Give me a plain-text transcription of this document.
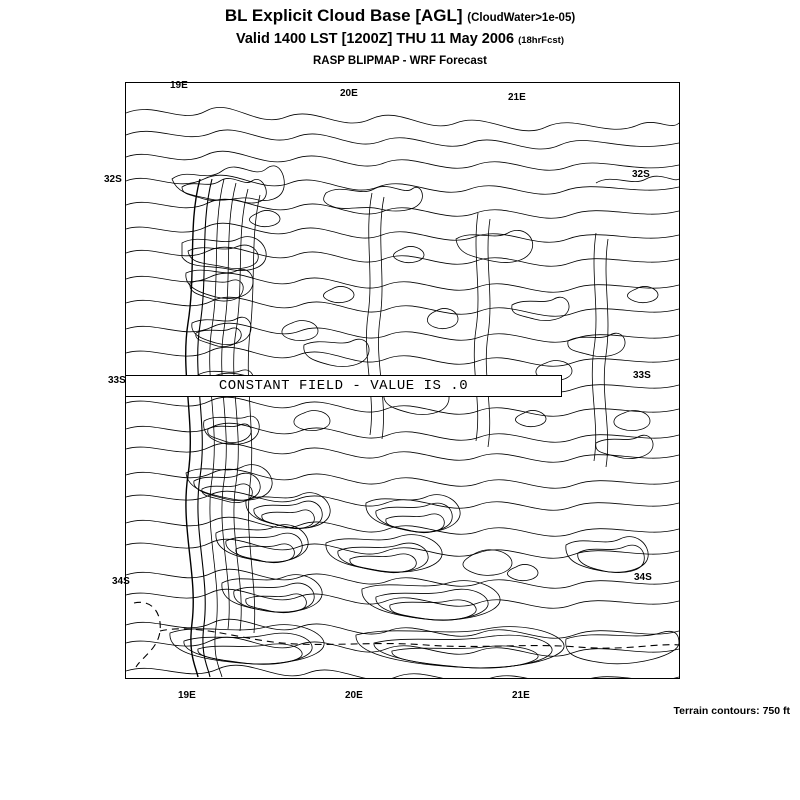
BL Explicit Cloud Base [AGL] (CloudWater>1e-05)
Valid 1400 LST [1200Z] THU 11 May 2006 (18hrFcst)
RASP BLIPMAP - WRF Forecast
CONSTANT FIELD - VALUE IS .0
19E
20E	21E
19E	20E	21E
32S
33S
34S
32S
33S
34S
Terrain contours: 750 ft
